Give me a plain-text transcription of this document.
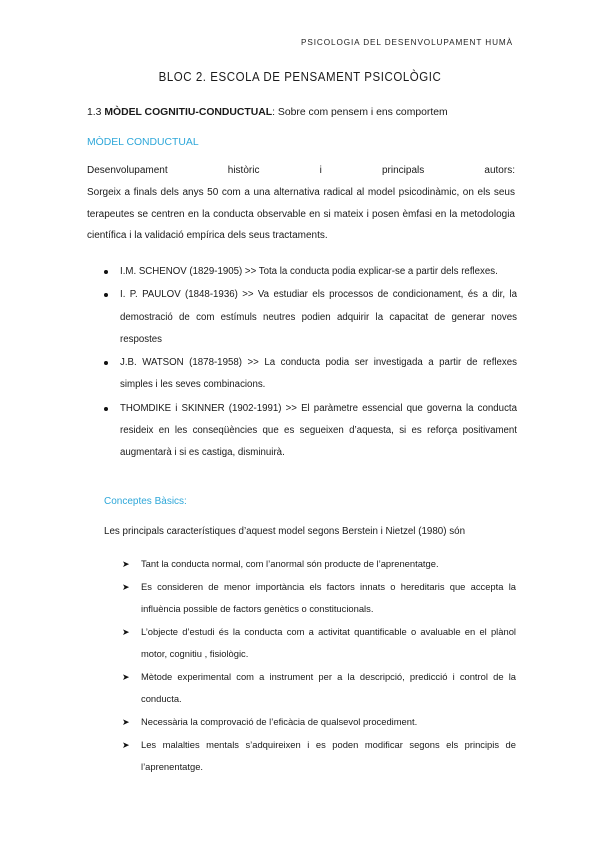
PSICOLOGIA DEL DESENVOLUPAMENT HUMÀ
BLOC 2. ESCOLA DE PENSAMENT PSICOLÒGIC
1.3 MÒDEL COGNITIU-CONDUCTUAL: Sobre com pensem i ens comportem
MÒDEL CONDUCTUAL
Desenvolupament	històric	i	principals	autors:
Sorgeix a finals dels anys 50 com a una alternativa radical al model psicodinàmic, on els seus terapeutes se centren en la conducta observable en si mateix i posen èmfasi en la metodologia científica i la validació empírica dels seus tractaments.
I.M. SCHENOV (1829-1905) >> Tota la conducta podia explicar-se a partir dels reflexes.
I. P. PAULOV (1848-1936) >> Va estudiar els processos de condicionament, és a dir, la demostració de com estímuls neutres podien adquirir la capacitat de generar noves respostes
J.B. WATSON (1878-1958) >> La conducta podia ser investigada a partir de reflexes simples i les seves combinacions.
THOMDIKE i SKINNER (1902-1991) >> El paràmetre essencial que governa la conducta resideix en les conseqüències que es segueixen d’aquesta, si es reforça positivament augmentarà i si es castiga, disminuirà.
Conceptes Bàsics:
Les principals característiques d’aquest model segons Berstein i Nietzel (1980) són
➤ Tant la conducta normal, com l’anormal són producte de l’aprenentatge.
➤ Es consideren de menor importància els factors innats o hereditaris que accepta la influència possible de factors genètics o constitucionals.
➤ L’objecte d’estudi és la conducta com a activitat quantificable o avaluable en el plànol motor, cognitiu , fisiològic.
➤ Mètode experimental com a instrument per a la descripció, predicció i control de la conducta.
➤ Necessària la comprovació de l’eficàcia de qualsevol procediment.
➤ Les malalties mentals s’adquireixen i es poden modificar segons els principis de l’aprenentatge.
